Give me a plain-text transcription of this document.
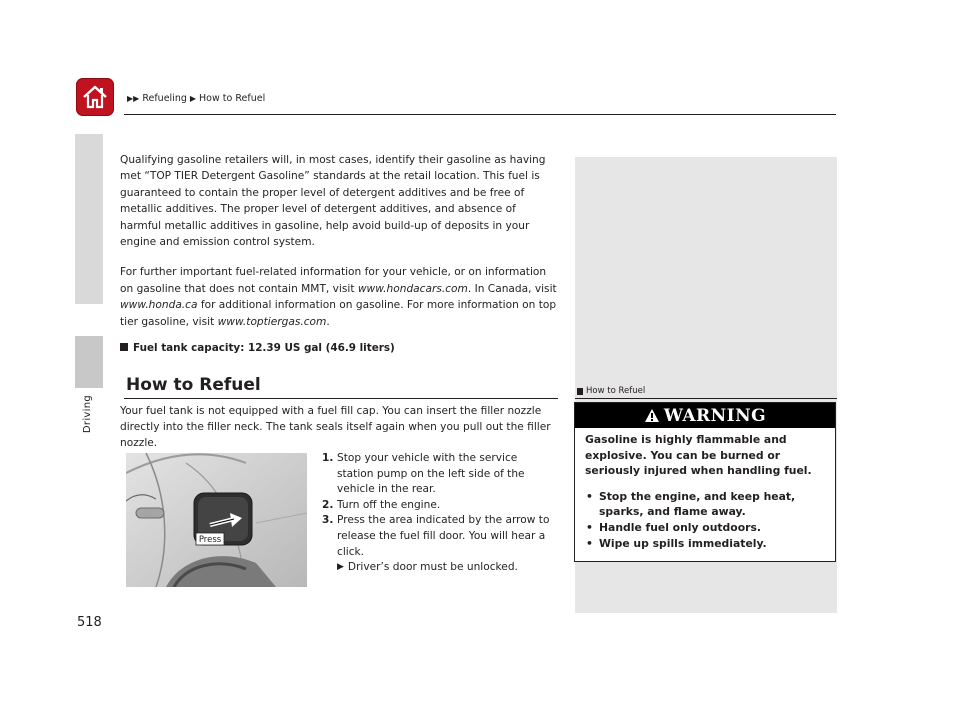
▶▶ Refueling ▶ How to Refuel
Driving
518

Qualifying gasoline retailers will, in most cases, identify their gasoline as having met “TOP TIER Detergent Gasoline” standards at the retail location. This fuel is guaranteed to contain the proper level of detergent additives and be free of metallic additives. The proper level of detergent additives, and absence of harmful metallic additives in gasoline, help avoid build-up of deposits in your engine and emission control system.

For further important fuel-related information for your vehicle, or on information on gasoline that does not contain MMT, visit www.hondacars.com. In Canada, visit www.honda.ca for additional information on gasoline. For more information on top tier gasoline, visit www.toptiergas.com.

Fuel tank capacity: 12.39 US gal (46.9 liters)
How to Refuel
Your fuel tank is not equipped with a fuel fill cap. You can insert the filler nozzle directly into the filler neck. The tank seals itself again when you pull out the filler nozzle.
Press
1. Stop your vehicle with the service station pump on the left side of the vehicle in the rear.
2. Turn off the engine.
3. Press the area indicated by the arrow to release the fuel fill door. You will hear a click.
▶ Driver’s door must be unlocked.
How to Refuel
WARNING
Gasoline is highly flammable and explosive. You can be burned or seriously injured when handling fuel.
• Stop the engine, and keep heat, sparks, and flame away.
• Handle fuel only outdoors.
• Wipe up spills immediately.
